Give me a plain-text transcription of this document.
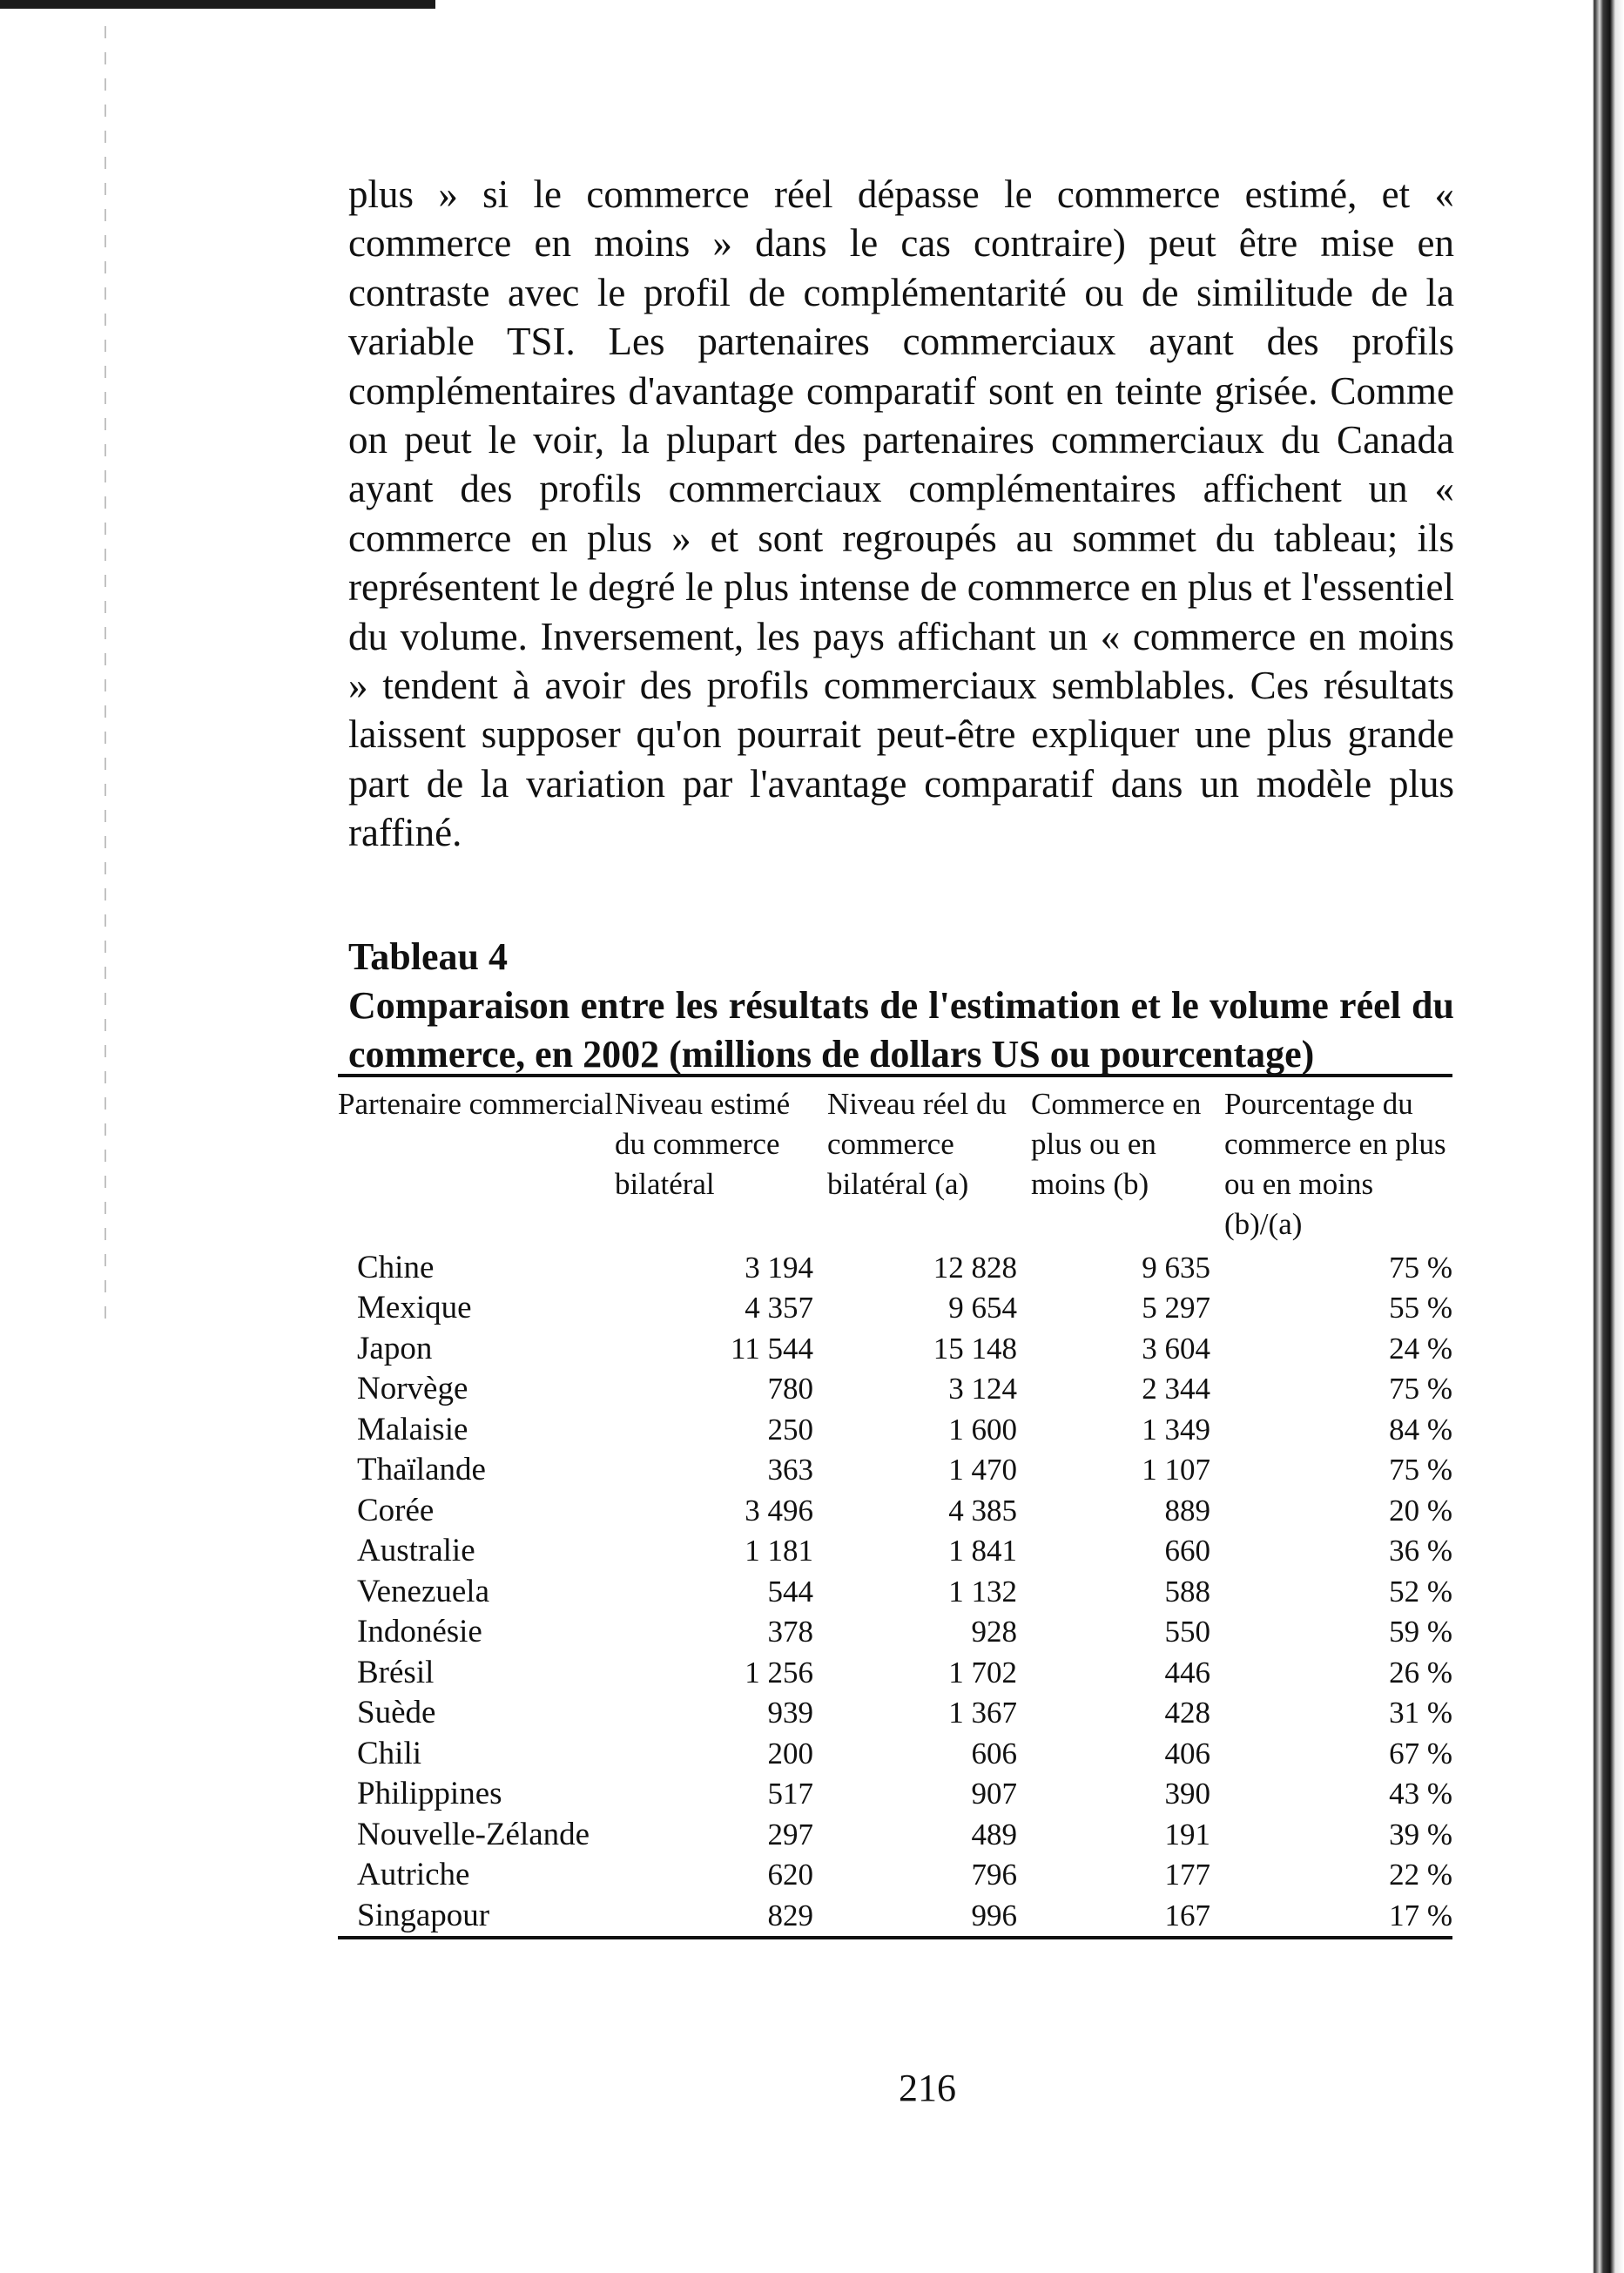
plus » si le commerce réel dépasse le commerce estimé, et « commerce en moins » dans le cas contraire) peut être mise en contraste avec le profil de complémentarité ou de similitude de la variable TSI. Les partenaires commerciaux ayant des profils complémentaires d'avantage comparatif sont en teinte grisée. Comme on peut le voir, la plupart des partenaires commerciaux du Canada ayant des profils commerciaux complémentaires affichent un « commerce en plus » et sont regroupés au sommet du tableau; ils représentent le degré le plus intense de commerce en plus et l'essentiel du volume. Inversement, les pays affichant un « commerce en moins » tendent à avoir des profils commerciaux semblables. Ces résultats laissent supposer qu'on pourrait peut-être expliquer une plus grande part de la variation par l'avantage comparatif dans un modèle plus raffiné.

Tableau 4
Comparaison entre les résultats de l'estimation et le volume réel du commerce, en 2002 (millions de dollars US ou pourcentage)
Partenaire commercial	Niveau estimé du commerce bilatéral	Niveau réel du commerce bilatéral (a)	Commerce en plus ou en moins (b)	Pourcentage du commerce en plus ou en moins (b)/(a)
Chine	3 194	12 828	9 635	75 %
Mexique	4 357	9 654	5 297	55 %
Japon	11 544	15 148	3 604	24 %
Norvège	780	3 124	2 344	75 %
Malaisie	250	1 600	1 349	84 %
Thaïlande	363	1 470	1 107	75 %
Corée	3 496	4 385	889	20 %
Australie	1 181	1 841	660	36 %
Venezuela	544	1 132	588	52 %
Indonésie	378	928	550	59 %
Brésil	1 256	1 702	446	26 %
Suède	939	1 367	428	31 %
Chili	200	606	406	67 %
Philippines	517	907	390	43 %
Nouvelle-Zélande	297	489	191	39 %
Autriche	620	796	177	22 %
Singapour	829	996	167	17 %
216
